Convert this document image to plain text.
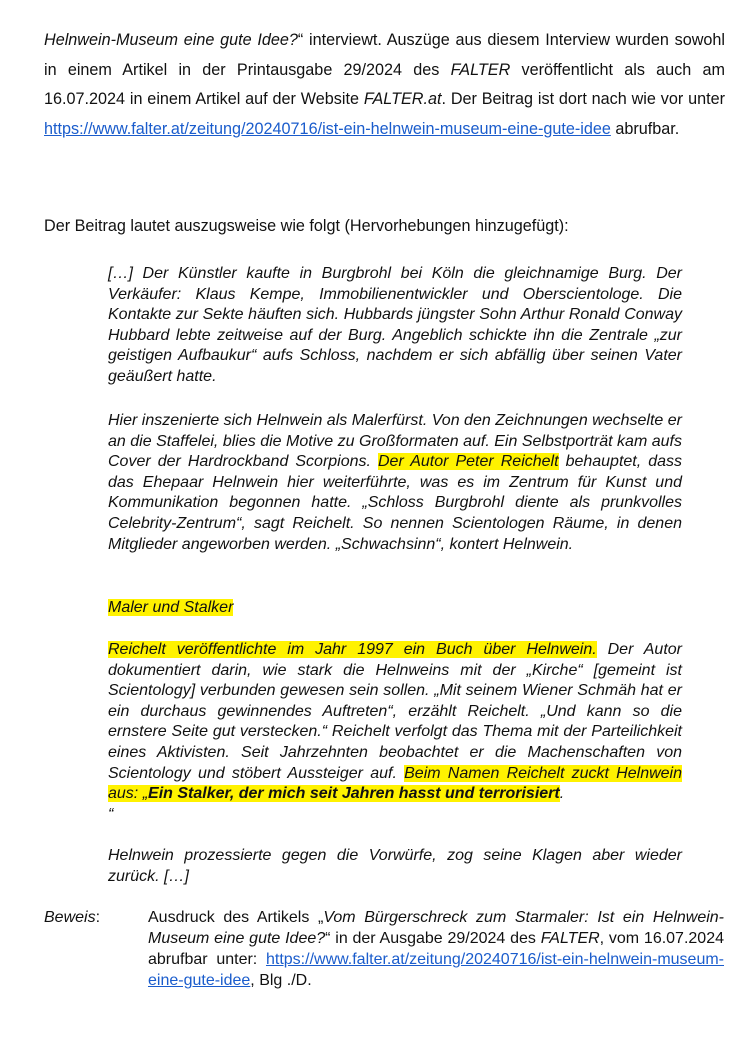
Helnwein-Museum eine gute Idee?“ interviewt. Auszüge aus diesem Interview wurden sowohl in einem Artikel in der Printausgabe 29/2024 des FALTER veröffentlicht als auch am 16.07.2024 in einem Artikel auf der Website FALTER.at. Der Beitrag ist dort nach wie vor unter https://www.falter.at/zeitung/20240716/ist-ein-helnwein-museum-eine-gute-idee abrufbar.
Der Beitrag lautet auszugsweise wie folgt (Hervorhebungen hinzugefügt):
[…] Der Künstler kaufte in Burgbrohl bei Köln die gleichnamige Burg. Der Verkäufer: Klaus Kempe, Immobilienentwickler und Oberscientologe. Die Kontakte zur Sekte häuften sich. Hubbards jüngster Sohn Arthur Ronald Conway Hubbard lebte zeitweise auf der Burg. Angeblich schickte ihn die Zentrale „zur geistigen Aufbaukur“ aufs Schloss, nachdem er sich abfällig über seinen Vater geäußert hatte.
Hier inszenierte sich Helnwein als Malerfürst. Von den Zeichnungen wechselte er an die Staffelei, blies die Motive zu Großformaten auf. Ein Selbstporträt kam aufs Cover der Hardrockband Scorpions. Der Autor Peter Reichelt behauptet, dass das Ehepaar Helnwein hier weiterführte, was es im Zentrum für Kunst und Kommunikation begonnen hatte. „Schloss Burgbrohl diente als prunkvolles Celebrity-Zentrum“, sagt Reichelt. So nennen Scientologen Räume, in denen Mitglieder angeworben werden. „Schwachsinn“, kontert Helnwein.
Maler und Stalker
Reichelt veröffentlichte im Jahr 1997 ein Buch über Helnwein. Der Autor dokumentiert darin, wie stark die Helnweins mit der „Kirche“ [gemeint ist Scientology] verbunden gewesen sein sollen. „Mit seinem Wiener Schmäh hat er ein durchaus gewinnendes Auftreten“, erzählt Reichelt. „Und kann so die ernstere Seite gut verstecken.“ Reichelt verfolgt das Thema mit der Parteilichkeit eines Aktivisten. Seit Jahrzehnten beobachtet er die Machenschaften von Scientology und stöbert Aussteiger auf. Beim Namen Reichelt zuckt Helnwein aus: „Ein Stalker, der mich seit Jahren hasst und terrorisiert.
“
Helnwein prozessierte gegen die Vorwürfe, zog seine Klagen aber wieder zurück. […]
Beweis:	Ausdruck des Artikels „Vom Bürgerschreck zum Starmaler: Ist ein Helnwein-Museum eine gute Idee?“ in der Ausgabe 29/2024 des FALTER, vom 16.07.2024 abrufbar unter: https://www.falter.at/zeitung/20240716/ist-ein-helnwein-museum-eine-gute-idee, Blg ./D.
